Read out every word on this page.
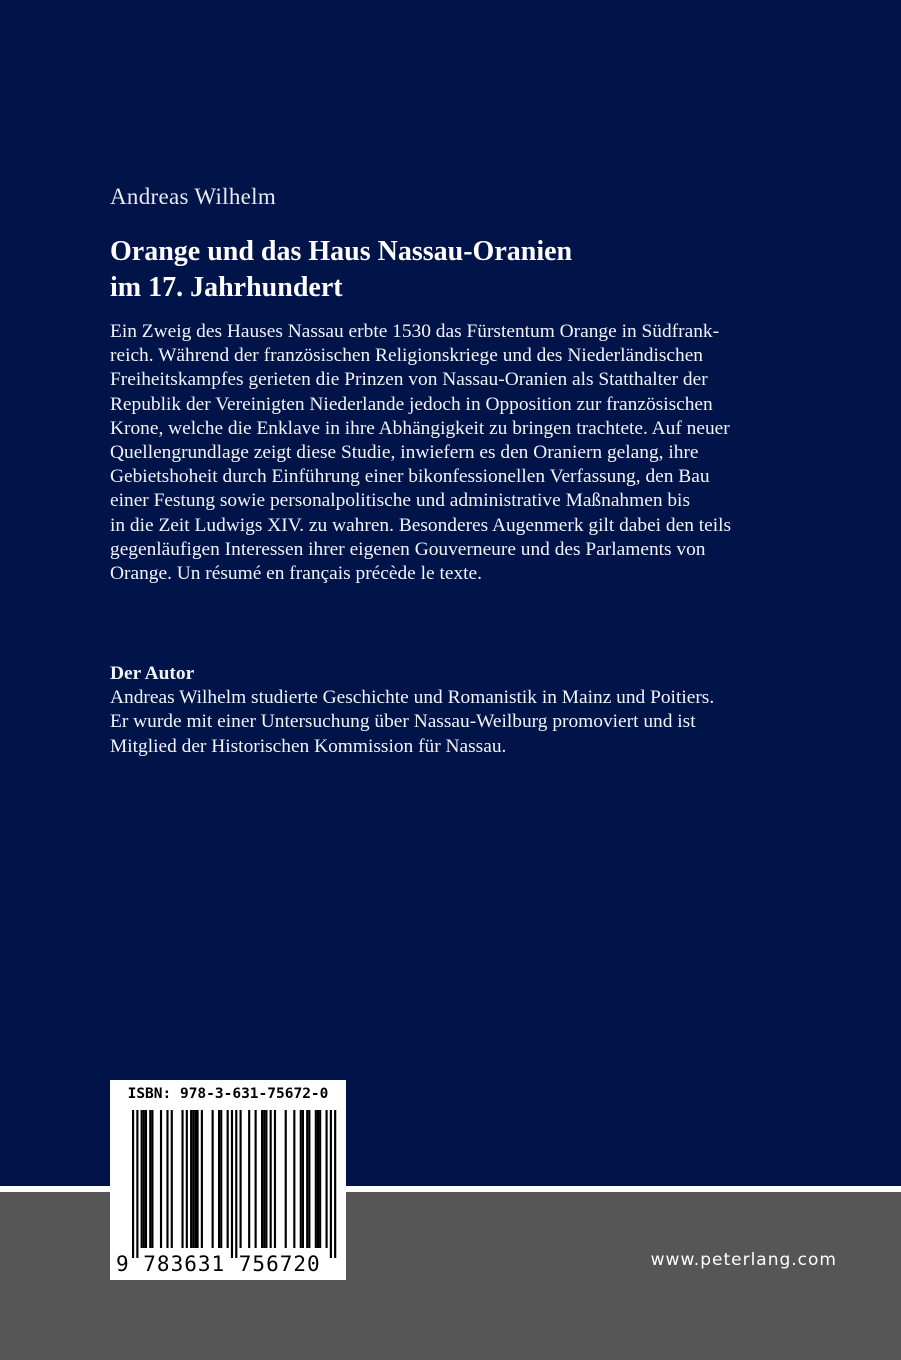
Andreas Wilhelm
Orange und das Haus Nassau-Oranien
im 17. Jahrhundert
Ein Zweig des Hauses Nassau erbte 1530 das Fürstentum Orange in Südfrank-
reich. Während der französischen Religionskriege und des Niederländischen
Freiheitskampfes gerieten die Prinzen von Nassau-Oranien als Statthalter der
Republik der Vereinigten Niederlande jedoch in Opposition zur französischen
Krone, welche die Enklave in ihre Abhängigkeit zu bringen trachtete. Auf neuer
Quellengrundlage zeigt diese Studie, inwiefern es den Oraniern gelang, ihre
Gebietshoheit durch Einführung einer bikonfessionellen Verfassung, den Bau
einer Festung sowie personalpolitische und administrative Maßnahmen bis
in die Zeit Ludwigs XIV. zu wahren. Besonderes Augenmerk gilt dabei den teils
gegenläufigen Interessen ihrer eigenen Gouverneure und des Parlaments von
Orange. Un résumé en français précède le texte.
Der Autor
Andreas Wilhelm studierte Geschichte und Romanistik in Mainz und Poitiers.
Er wurde mit einer Untersuchung über Nassau-Weilburg promoviert und ist
Mitglied der Historischen Kommission für Nassau.
www.peterlang.com
ISBN: 978-3-631-75672-0
9 783631 756720
